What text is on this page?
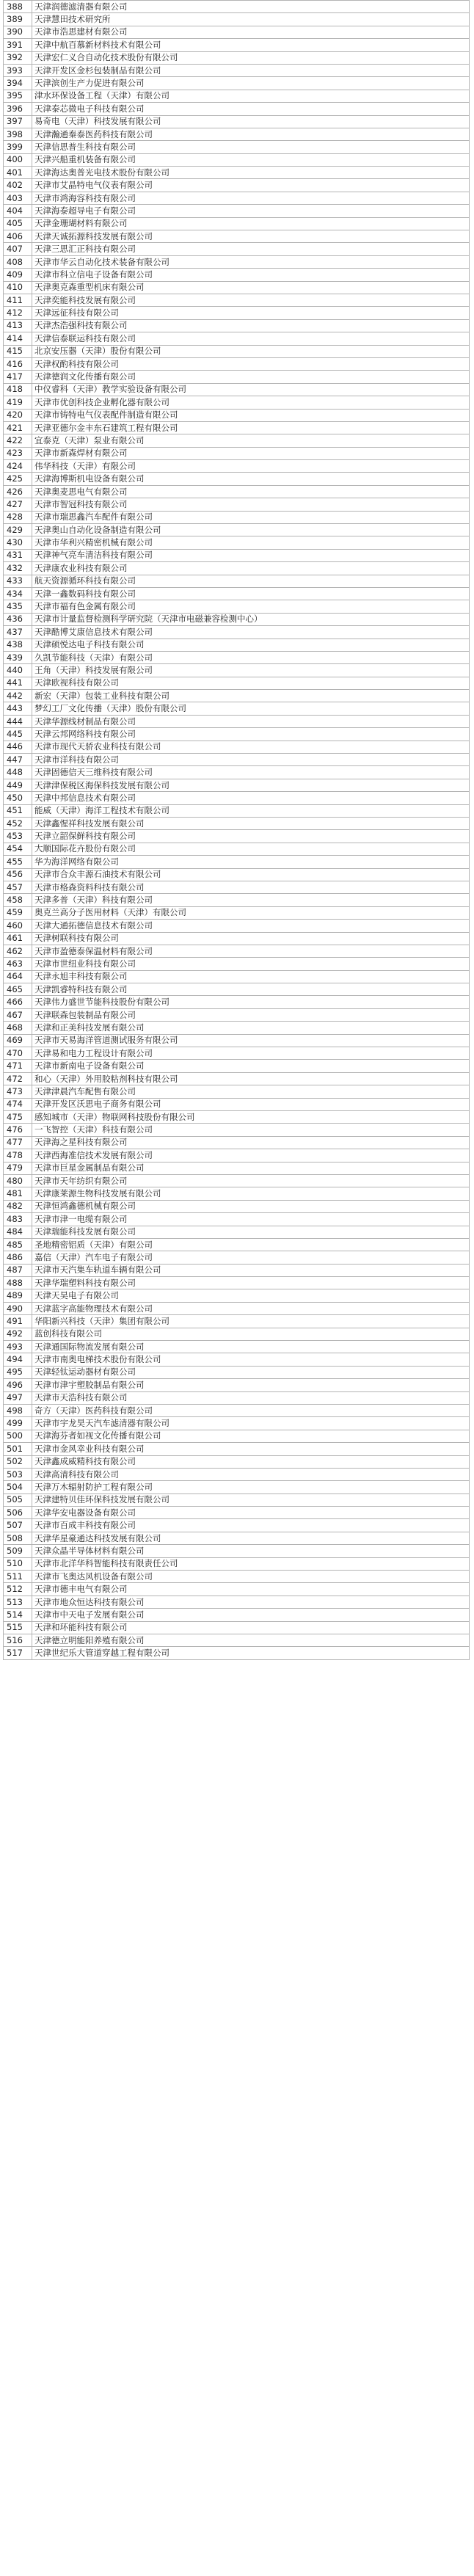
388	天津润德滤清器有限公司
389	天津慧田技术研究所
390	天津市浩思建材有限公司
391	天津中航百慕新材料技术有限公司
392	天津宏仁义合自动化技术股份有限公司
393	天津开发区金杉包装制品有限公司
394	天津滨创生产力促进有限公司
395	津水环保设备工程（天津）有限公司
396	天津泰芯微电子科技有限公司
397	易奇电（天津）科技发展有限公司
398	天津瀚通秦泰医药科技有限公司
399	天津信思普生科技有限公司
400	天津兴船重机装备有限公司
401	天津海达奥普光电技术股份有限公司
402	天津市艾晶特电气仪表有限公司
403	天津市鸿海容科技有限公司
404	天津海泰超导电子有限公司
405	天津金珊瑚材料有限公司
406	天津天诚拓源科技发展有限公司
407	天津三思汇正科技有限公司
408	天津市华云自动化技术装备有限公司
409	天津市科立信电子设备有限公司
410	天津奥克森重型机床有限公司
411	天津奕能科技发展有限公司
412	天津远征科技有限公司
413	天津杰浩强科技有限公司
414	天津信泰联运科技有限公司
415	北京安压器（天津）股份有限公司
416	天津权酌科技有限公司
417	天津德润文化传播有限公司
418	中仪睿科（天津）教学实验设备有限公司
419	天津市优创科技企业孵化器有限公司
420	天津市铸特电气仪表配件制造有限公司
421	天津亚德尔金丰东石建筑工程有限公司
422	宜泰克（天津）泵业有限公司
423	天津市新森焊材有限公司
424	伟华科技（天津）有限公司
425	天津海博斯机电设备有限公司
426	天津奥麦思电气有限公司
427	天津市智冠科技有限公司
428	天津市瑞思鑫汽车配件有限公司
429	天津奥山自动化设备制造有限公司
430	天津市华利兴精密机械有限公司
431	天津神气亮车清洁科技有限公司
432	天津康农业科技有限公司
433	航天资源循环科技有限公司
434	天津一鑫数码科技有限公司
435	天津市福有色金属有限公司
436	天津市计量监督检测科学研究院（天津市电磁兼容检测中心）
437	天津酷博艾康信息技术有限公司
438	天津硕悦达电子科技有限公司
439	久凯节能科技（天津）有限公司
440	王角（天津）科技发展有限公司
441	天津欧视科技有限公司
442	新宏（天津）包装工业科技有限公司
443	梦幻工厂文化传播（天津）股份有限公司
444	天津华源线材制品有限公司
445	天津云邦网络科技有限公司
446	天津市现代天骄农业科技有限公司
447	天津市洋科技有限公司
448	天津固德信天三维科技有限公司
449	天津津保税区海保科技发展有限公司
450	天津中邦信息技术有限公司
451	能威（天津）海洋工程技术有限公司
452	天津鑫惺祥科技发展有限公司
453	天津立韶保鲜科技有限公司
454	大顺国际花卉股份有限公司
455	华为海洋网络有限公司
456	天津市合众丰源石油技术有限公司
457	天津市格森资料科技有限公司
458	天津多普（天津）科技有限公司
459	奥克兰高分子医用材料（天津）有限公司
460	天津大通拓德信息技术有限公司
461	天津树联科技有限公司
462	天津市盈德泰保温材料有限公司
463	天津市世纽业科技有限公司
464	天津永旭丰科技有限公司
465	天津凯睿特科技有限公司
466	天津伟力盛世节能科技股份有限公司
467	天津联森包装制品有限公司
468	天津和正美科技发展有限公司
469	天津市天易海洋管道测试服务有限公司
470	天津易和电力工程设计有限公司
471	天津市新南电子设备有限公司
472	和心（天津）外用胶粘剂科技有限公司
473	天津津晨汽车配售有限公司
474	天津开发区沃思电子商务有限公司
475	感知城市（天津）物联网科技股份有限公司
476	一飞智控（天津）科技有限公司
477	天津海之星科技有限公司
478	天津西海准信技术发展有限公司
479	天津市巨星金属制品有限公司
480	天津市天年纺织有限公司
481	天津康莱源生物科技发展有限公司
482	天津恒鸿鑫德机械有限公司
483	天津市津一电缆有限公司
484	天津瑞能科技发展有限公司
485	圣地精密铝质（天津）有限公司
486	嘉信（天津）汽车电子有限公司
487	天津市天汽集车轨道车辆有限公司
488	天津华瑞塑料科技有限公司
489	天津天昊电子有限公司
490	天津蓝字高能物理技术有限公司
491	华阳新兴科技（天津）集团有限公司
492	蓝创科技有限公司
493	天津通国际物流发展有限公司
494	天津市南奥电梯技术股份有限公司
495	天津轻钛运动器材有限公司
496	天津市津宇塑胶制品有限公司
497	天津市天浩科技有限公司
498	奇方（天津）医药科技有限公司
499	天津市宇龙昊天汽车滤清器有限公司
500	天津海芬者如视文化传播有限公司
501	天津市金风幸业科技有限公司
502	天津鑫成威精科技有限公司
503	天津高清科技有限公司
504	天津万木辐射防护工程有限公司
505	天津建特贝佳环保科技发展有限公司
506	天津华安电器设备有限公司
507	天津市百成丰科技有限公司
508	天津华星豪通达科技发展有限公司
509	天津众晶半导体材料有限公司
510	天津市北洋华科智能科技有限责任公司
511	天津市飞奥达风机设备有限公司
512	天津市德丰电气有限公司
513	天津市地众恒达科技有限公司
514	天津市中天电子发展有限公司
515	天津和环能科技有限公司
516	天津德立明能阳养殖有限公司
517	天津世纪乐大管道穿越工程有限公司
